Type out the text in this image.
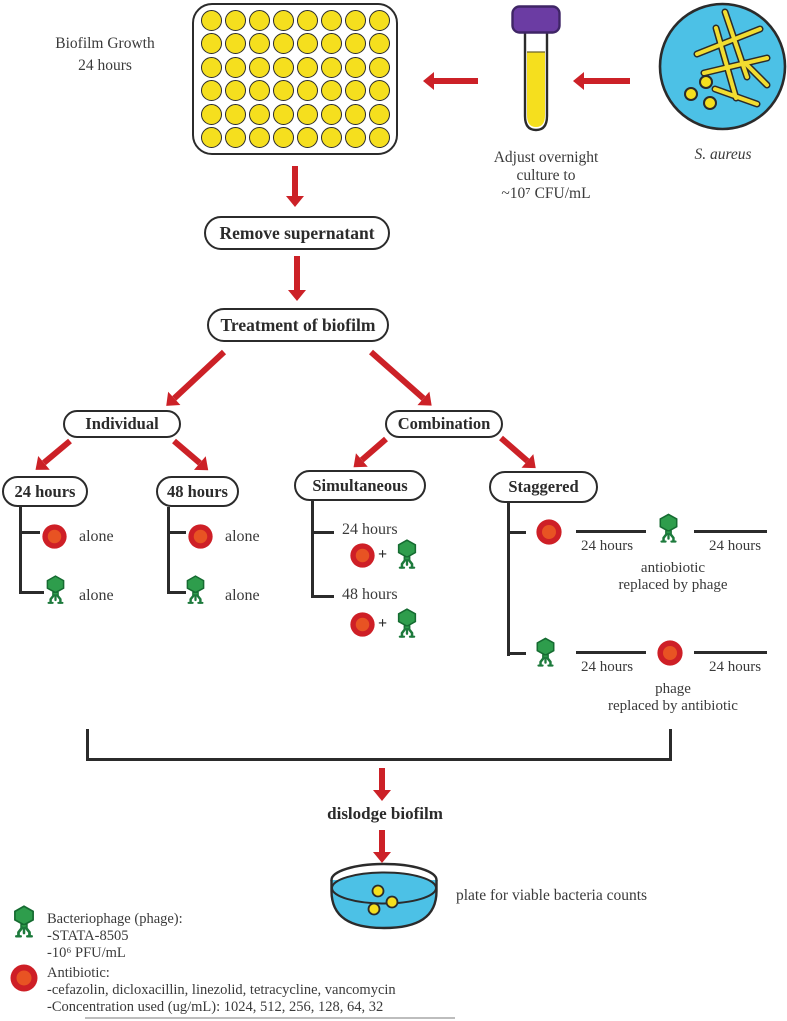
Biofilm Growth
24 hours
Adjust overnight
culture to
~10⁷ CFU/mL
S. aureus
Remove supernatant
Treatment of biofilm
Individual
24 hours	48 hours
alone
alone
alone
alone
Combination
Simultaneous	Staggered
24 hours
+
48 hours
+
24 hours	24 hours
antiobiotic
replaced by phage
24 hours	24 hours
phage
replaced by antibiotic
dislodge biofilm
plate for viable bacteria counts
Bacteriophage (phage):
-STATA-8505
-10⁶ PFU/mL
Antibiotic:
-cefazolin, dicloxacillin, linezolid, tetracycline, vancomycin
-Concentration used (ug/mL): 1024, 512, 256, 128, 64, 32
